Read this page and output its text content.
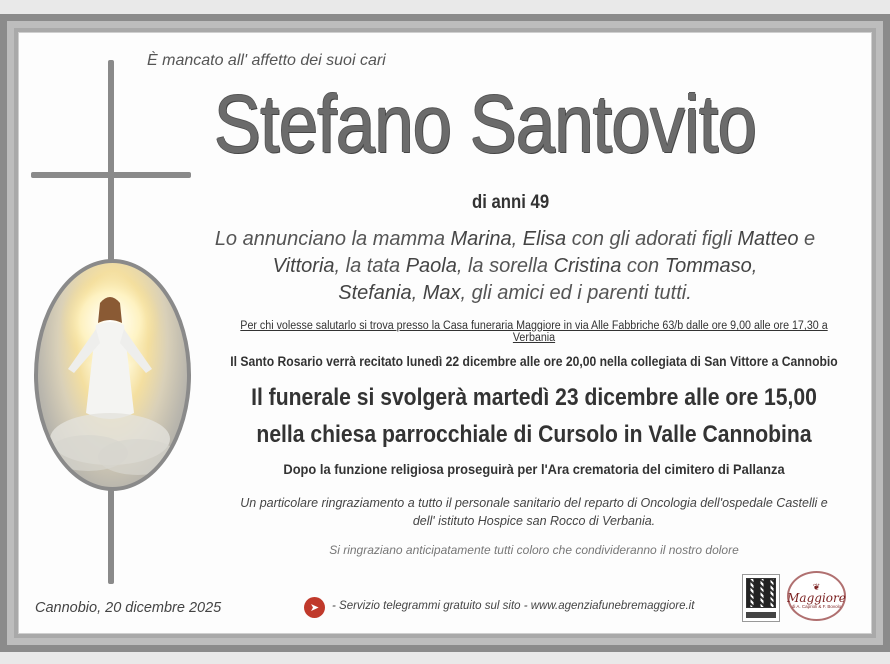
È mancato all' affetto dei suoi cari
Stefano Santovito
di anni 49
Lo annunciano la mamma Marina, Elisa con gli adorati figli Matteo e
Vittoria, la tata Paola, la sorella Cristina con Tommaso,
Stefania, Max, gli amici ed i parenti tutti.
Per chi volesse salutarlo si trova presso la Casa funeraria Maggiore in via Alle Fabbriche 63/b dalle ore 9,00 alle ore 17,30 a Verbania
Il Santo Rosario verrà recitato lunedì 22 dicembre alle ore 20,00 nella collegiata di San Vittore a Cannobio
Il funerale si svolgerà martedì 23 dicembre alle ore 15,00
nella chiesa parrocchiale di Cursolo in Valle Cannobina
Dopo la funzione religiosa proseguirà per l'Ara crematoria del cimitero di Pallanza
Un particolare ringraziamento a tutto il personale sanitario del reparto di Oncologia dell'ospedale Castelli e
dell' istituto Hospice san Rocco di Verbania.
Si ringraziano anticipatamente tutti coloro che condivideranno il nostro dolore
Cannobio, 20 dicembre 2025	➤	- Servizio telegrammi gratuito sul sito - www.agenziafunebremaggiore.it
❦
Maggiore
di A. Caprioli & F. Bovolo
